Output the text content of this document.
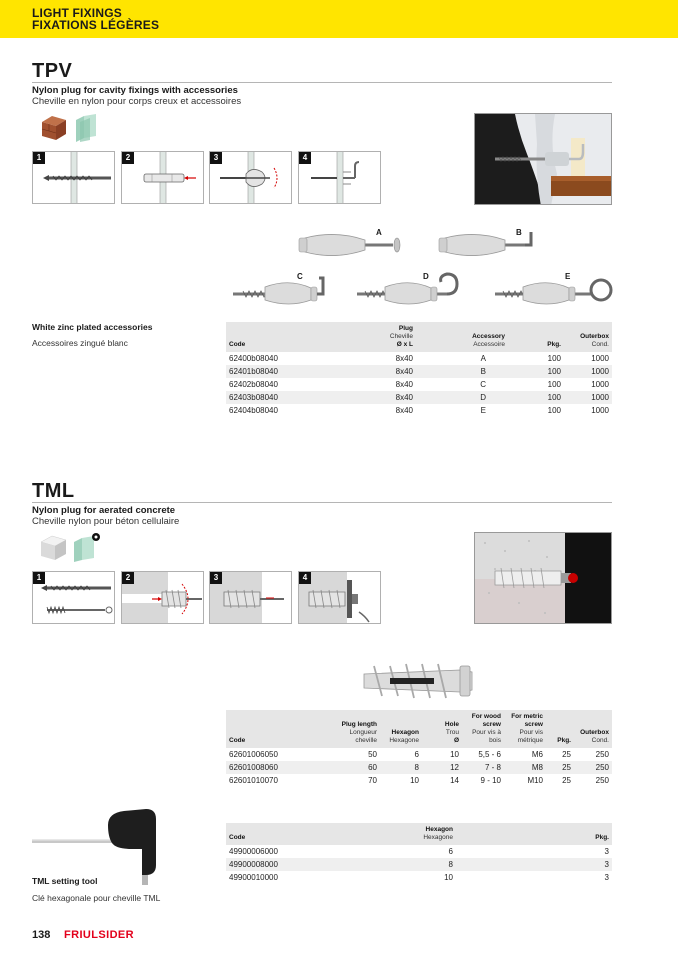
LIGHT FIXINGS
FIXATIONS LÉGÈRES
TPV
Nylon plug for cavity fixings with accessories
Cheville en nylon pour corps creux et accessoires
1	2	3	4
A	B
C	D	E
White zinc plated accessories
Accessoires zingué blanc	Code	Plug
Cheville
Ø x L	Accessory
Accessoire	Pkg.	Outerbox
Cond.
62400b08040	8x40	A	100	1000
62401b08040	8x40	B	100	1000
62402b08040	8x40	C	100	1000
62403b08040	8x40	D	100	1000
62404b08040	8x40	E	100	1000
TML
Nylon plug for aerated concrete
Cheville nylon pour béton cellulaire
1	2	3	4
Code	Plug length
Longueur
cheville	Hexagon
Hexagone	Hole
Trou
Ø	For wood screw
Pour vis à
bois	For metric screw
Pour vis
métrique	Pkg.	Outerbox
Cond.
62601006050	50	6	10	5,5 - 6	M6	25	250
62601008060	60	8	12	7 - 8	M8	25	250
62601010070	70	10	14	9 - 10	M10	25	250
TML setting tool
Clé hexagonale pour cheville TML
Code	Hexagon
Hexagone		Pkg.
49900006000	6		3
49900008000	8		3
49900010000	10		3
138 FRIULSIDER
